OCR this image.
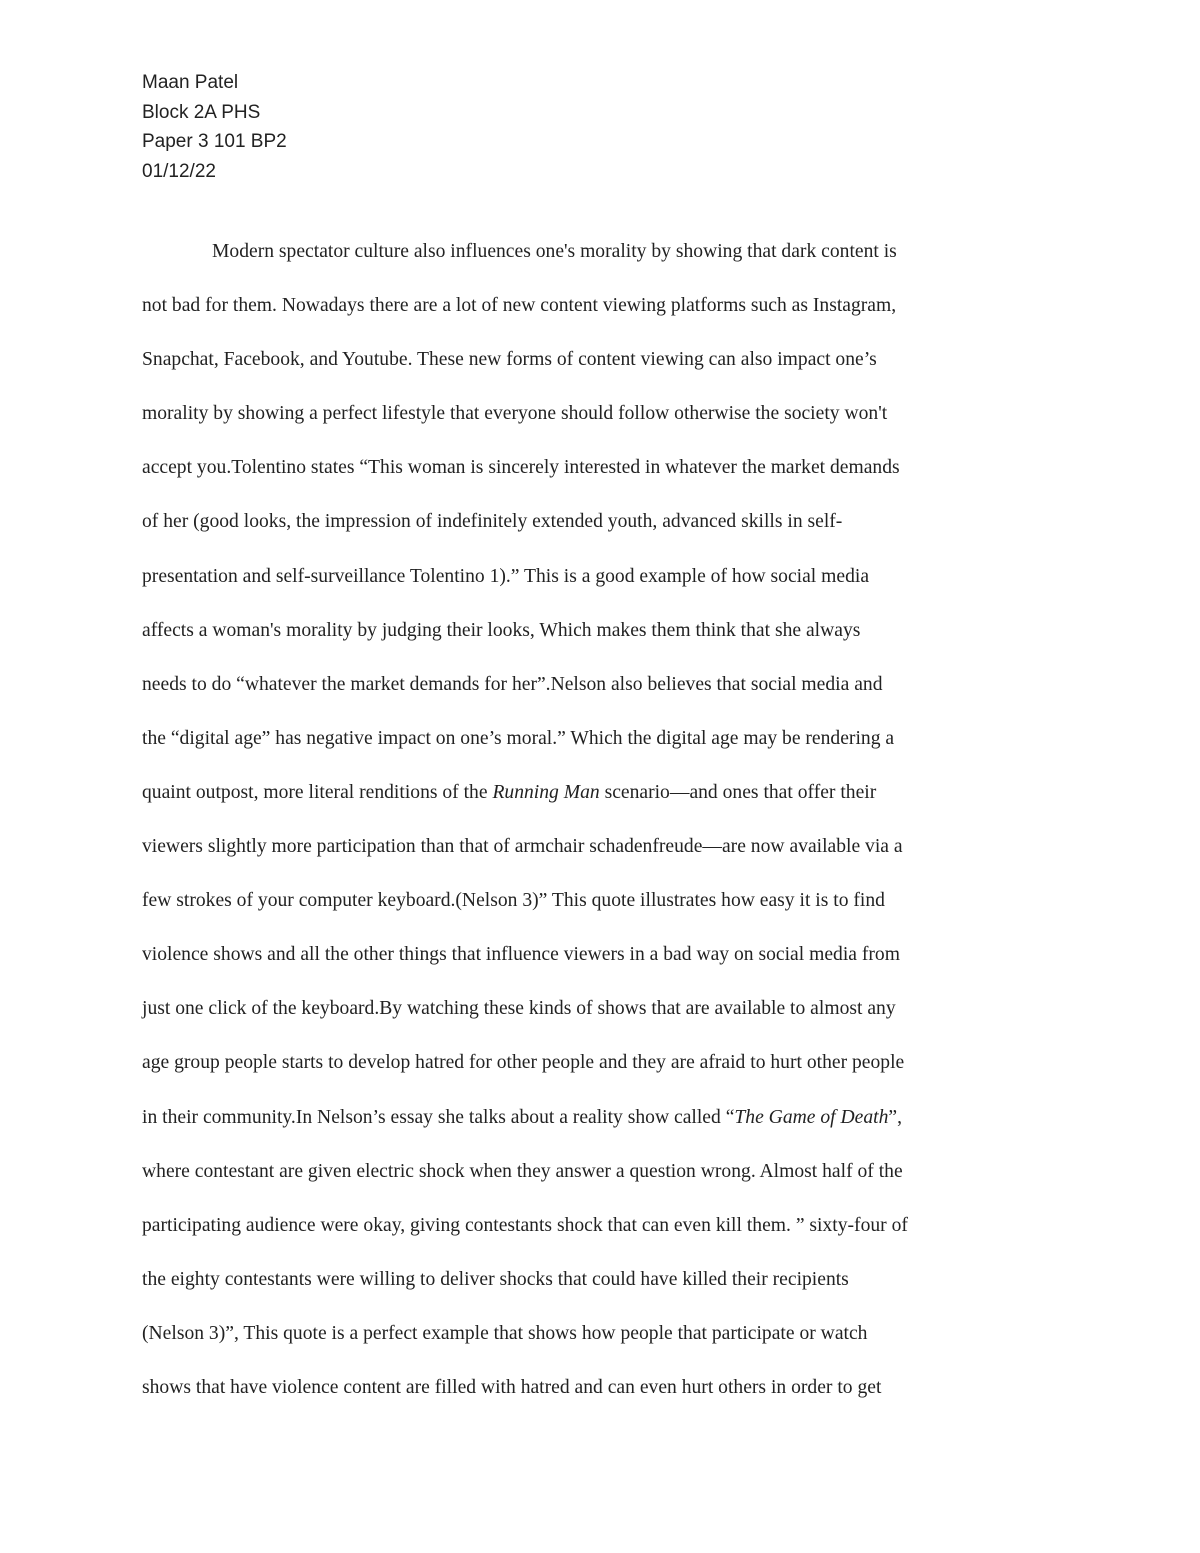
Maan Patel
Block 2A PHS
Paper 3 101 BP2
01/12/22
Modern spectator culture also influences one's morality by showing that dark content is
not bad for them. Nowadays there are a lot of new content viewing platforms such as Instagram,
Snapchat, Facebook, and Youtube. These new forms of content viewing can also impact one’s
morality by showing a perfect lifestyle that everyone should follow otherwise the society won't
accept you.Tolentino states “This woman is sincerely interested in whatever the market demands
of her (good looks, the impression of indefinitely extended youth, advanced skills in self-
presentation and self-surveillance Tolentino 1).” This is a good example of how social media
affects a woman's morality by judging their looks, Which makes them think that she always
needs to do “whatever the market demands for her”.Nelson also believes that social media and
the “digital age” has negative impact on one’s moral.” Which the digital age may be rendering a
quaint outpost, more literal renditions of the Running Man scenario—and ones that offer their
viewers slightly more participation than that of armchair schadenfreude—are now available via a
few strokes of your computer keyboard.(Nelson 3)” This quote illustrates how easy it is to find
violence shows and all the other things that influence viewers in a bad way on social media from
just one click of the keyboard.By watching these kinds of shows that are available to almost any
age group people starts to develop hatred for other people and they are afraid to hurt other people
in their community.In Nelson’s essay she talks about a reality show called “The Game of Death”,
where contestant are given electric shock when they answer a question wrong. Almost half of the
participating audience were okay, giving contestants shock that can even kill them. ” sixty-four of
the eighty contestants were willing to deliver shocks that could have killed their recipients
(Nelson 3)”, This quote is a perfect example that shows how people that participate or watch
shows that have violence content are filled with hatred and can even hurt others in order to get
